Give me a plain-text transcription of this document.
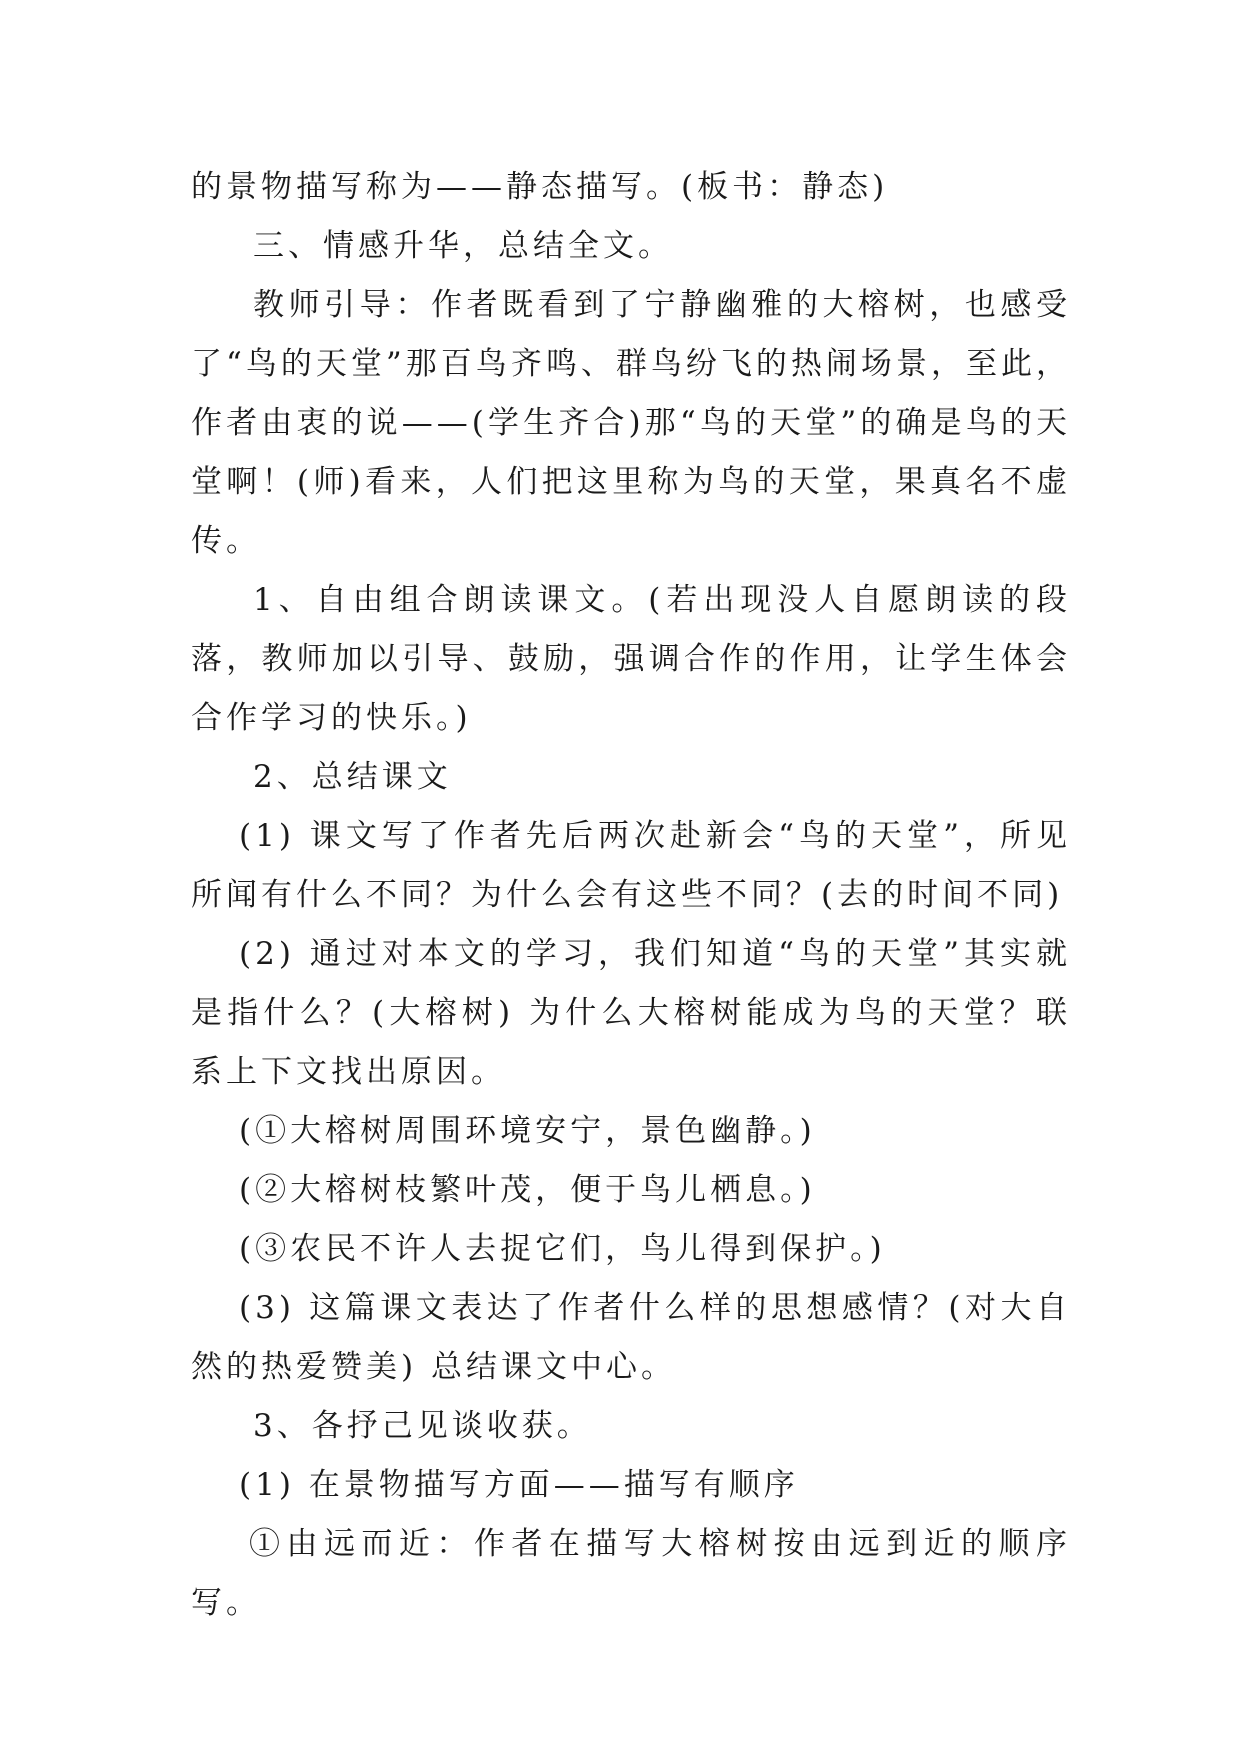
的景物描写称为——静态描写。(板书：静态)

三、情感升华，总结全文。

教师引导：作者既看到了宁静幽雅的大榕树，也感受了“鸟的天堂”那百鸟齐鸣、群鸟纷飞的热闹场景，至此，作者由衷的说——(学生齐合)那“鸟的天堂”的确是鸟的天堂啊！(师)看来，人们把这里称为鸟的天堂，果真名不虚传。

1、自由组合朗读课文。(若出现没人自愿朗读的段落，教师加以引导、鼓励，强调合作的作用，让学生体会合作学习的快乐。)

2、总结课文

(1) 课文写了作者先后两次赴新会“鸟的天堂”，所见所闻有什么不同？为什么会有这些不同？(去的时间不同)

(2) 通过对本文的学习，我们知道“鸟的天堂”其实就是指什么？(大榕树) 为什么大榕树能成为鸟的天堂？联系上下文找出原因。

(①大榕树周围环境安宁，景色幽静。)

(②大榕树枝繁叶茂，便于鸟儿栖息。)

(③农民不许人去捉它们，鸟儿得到保护。)

(3) 这篇课文表达了作者什么样的思想感情？(对大自然的热爱赞美) 总结课文中心。

3、各抒己见谈收获。

(1) 在景物描写方面——描写有顺序

①由远而近：作者在描写大榕树按由远到近的顺序写。
